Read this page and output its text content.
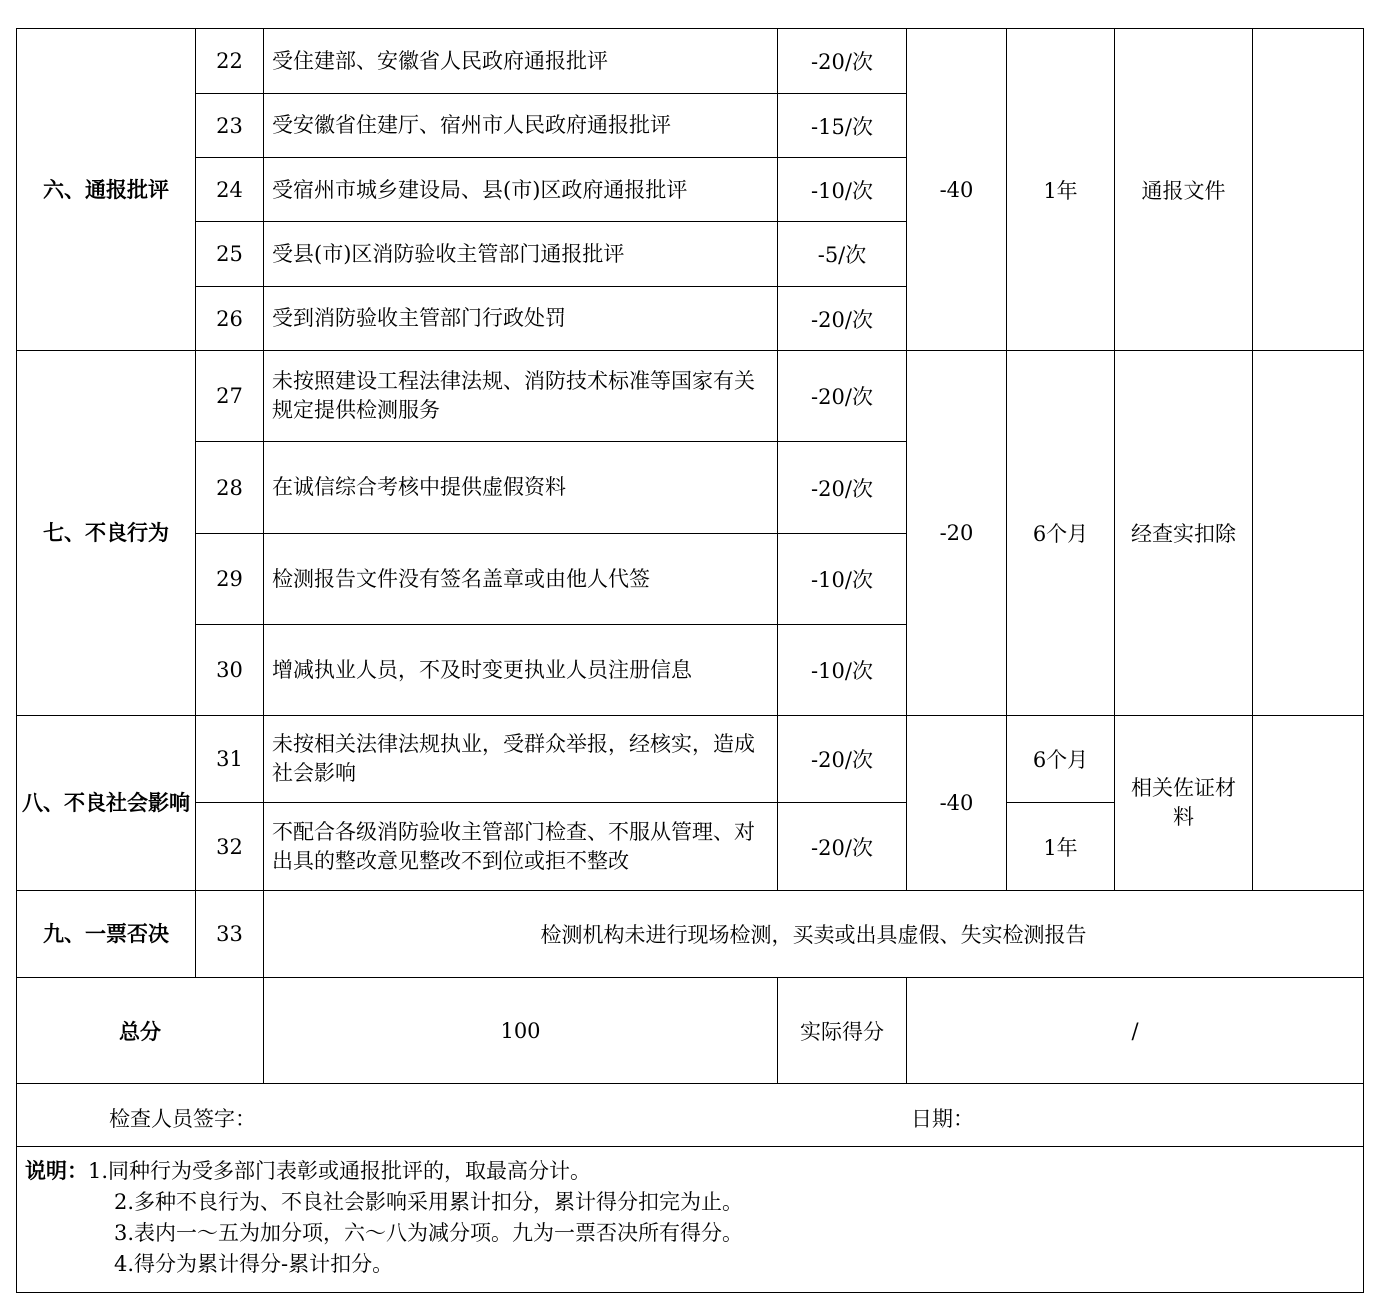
六、通报批评	22	受住建部、安徽省人民政府通报批评	-20/次	-40	1年	通报文件	
	23	受安徽省住建厅、宿州市人民政府通报批评	-15/次				
	24	受宿州市城乡建设局、县(市)区政府通报批评	-10/次				
	25	受县(市)区消防验收主管部门通报批评	-5/次				
	26	受到消防验收主管部门行政处罚	-20/次				
七、不良行为	27	未按照建设工程法律法规、消防技术标准等国家有关规定提供检测服务	-20/次	-20	6个月	经查实扣除	
	28	在诚信综合考核中提供虚假资料	-20/次				
	29	检测报告文件没有签名盖章或由他人代签	-10/次				
	30	增减执业人员，不及时变更执业人员注册信息	-10/次				
八、不良社会影响	31	未按相关法律法规执业，受群众举报，经核实，造成社会影响	-20/次	-40	6个月	相关佐证材料	
	32	不配合各级消防验收主管部门检查、不服从管理、对出具的整改意见整改不到位或拒不整改	-20/次		1年		
九、一票否决	33	检测机构未进行现场检测，买卖或出具虚假、失实检测报告					
总分		100	实际得分	/			

检查人员签字： 日期：							

说明：1.同种行为受多部门表彰或通报批评的，取最高分计。
2.多种不良行为、不良社会影响采用累计扣分，累计得分扣完为止。
3.表内一～五为加分项，六～八为减分项。九为一票否决所有得分。
4.得分为累计得分-累计扣分。							
